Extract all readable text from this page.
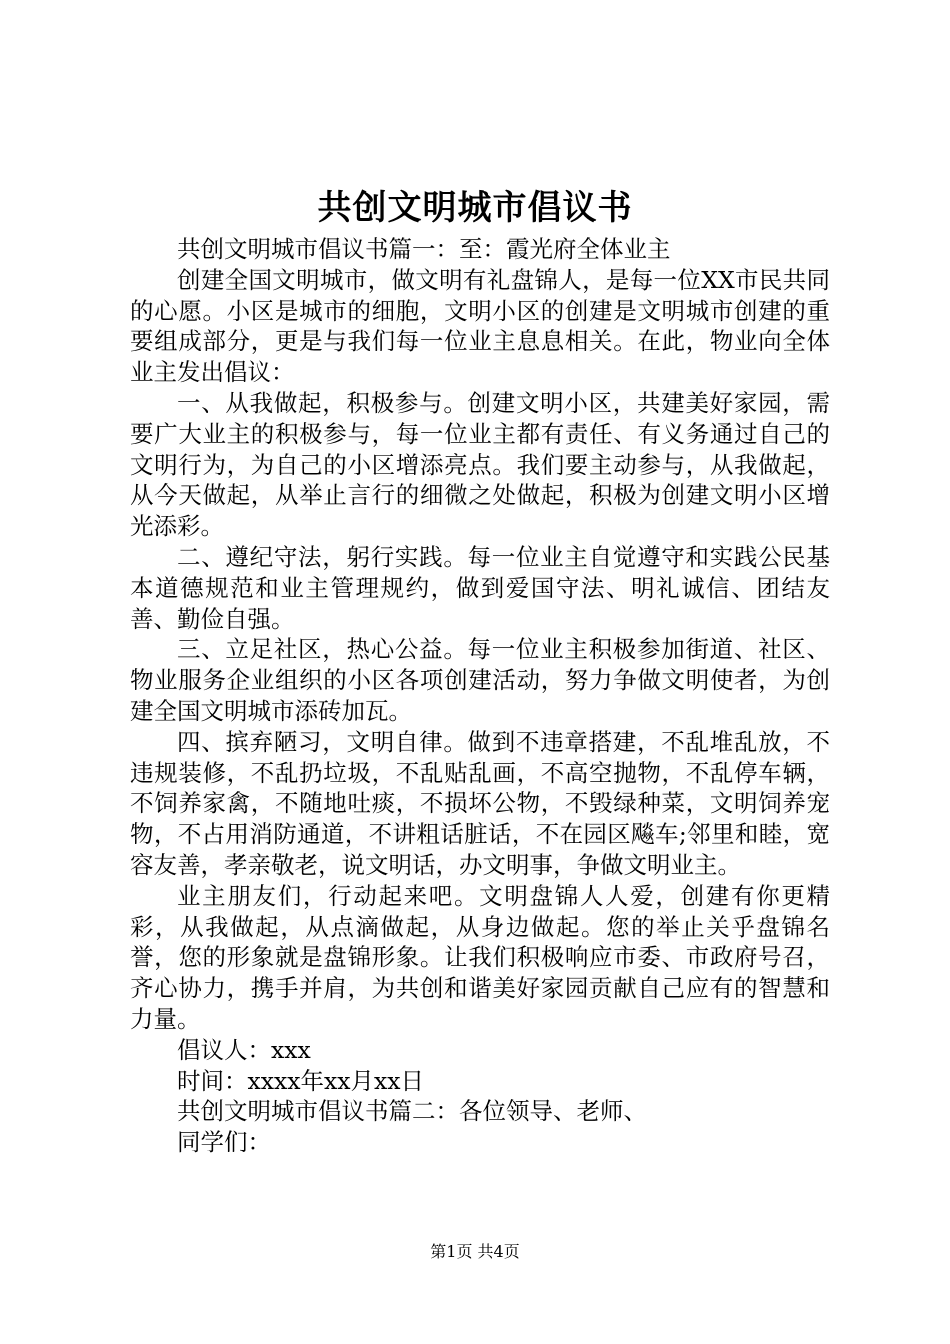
共创文明城市倡议书

共创文明城市倡议书篇一：至：霞光府全体业主

创建全国文明城市，做文明有礼盘锦人，是每一位XX市民共同的心愿。小区是城市的细胞，文明小区的创建是文明城市创建的重要组成部分，更是与我们每一位业主息息相关。在此，物业向全体业主发出倡议：

一、从我做起，积极参与。创建文明小区，共建美好家园，需要广大业主的积极参与，每一位业主都有责任、有义务通过自己的文明行为，为自己的小区增添亮点。我们要主动参与，从我做起，从今天做起，从举止言行的细微之处做起，积极为创建文明小区增光添彩。

二、遵纪守法，躬行实践。每一位业主自觉遵守和实践公民基本道德规范和业主管理规约，做到爱国守法、明礼诚信、团结友善、勤俭自强。

三、立足社区，热心公益。每一位业主积极参加街道、社区、物业服务企业组织的小区各项创建活动，努力争做文明使者，为创建全国文明城市添砖加瓦。

四、摈弃陋习，文明自律。做到不违章搭建，不乱堆乱放，不违规装修，不乱扔垃圾，不乱贴乱画，不高空抛物，不乱停车辆，不饲养家禽，不随地吐痰，不损坏公物，不毁绿种菜，文明饲养宠物，不占用消防通道，不讲粗话脏话，不在园区飚车;邻里和睦，宽容友善，孝亲敬老，说文明话，办文明事，争做文明业主。

业主朋友们，行动起来吧。文明盘锦人人爱，创建有你更精彩，从我做起，从点滴做起，从身边做起。您的举止关乎盘锦名誉，您的形象就是盘锦形象。让我们积极响应市委、市政府号召，齐心协力，携手并肩，为共创和谐美好家园贡献自己应有的智慧和力量。

倡议人：xxx

时间：xxxx年xx月xx日

共创文明城市倡议书篇二：各位领导、老师、

同学们：

第1页 共4页
